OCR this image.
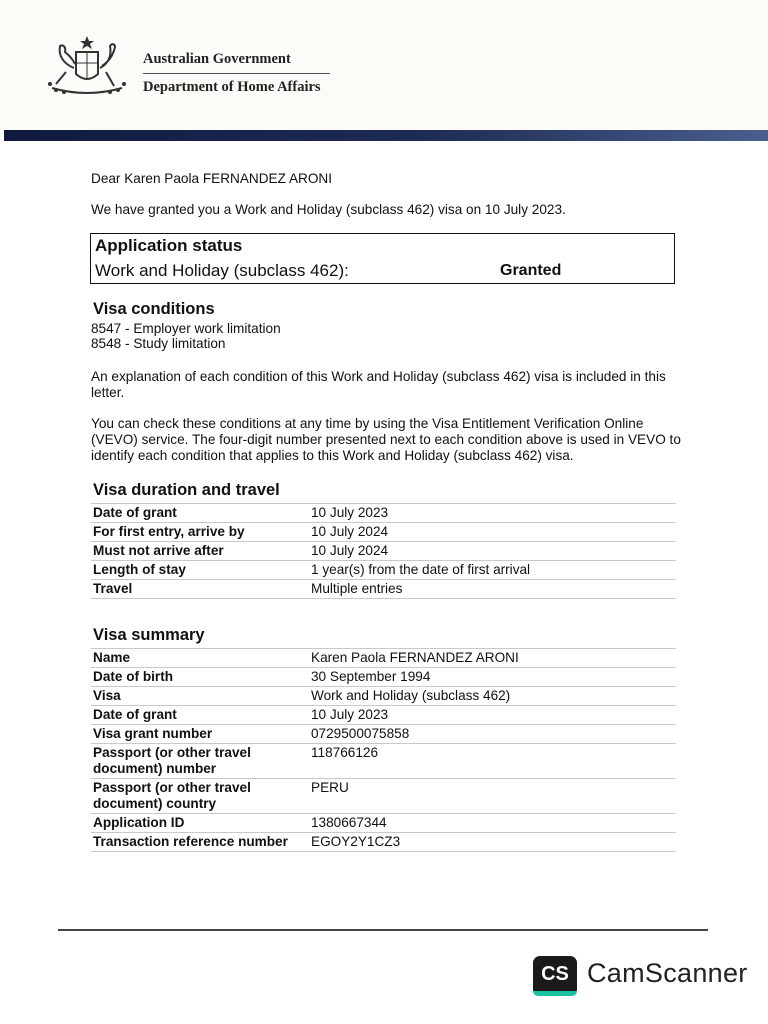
Australian Government
Department of Home Affairs
Dear Karen Paola FERNANDEZ ARONI
We have granted you a Work and Holiday (subclass 462) visa on 10 July 2023.
Application status
Work and Holiday (subclass 462):	Granted
Visa conditions
8547 - Employer work limitation
8548 - Study limitation
An explanation of each condition of this Work and Holiday (subclass 462) visa is included in this letter.
You can check these conditions at any time by using the Visa Entitlement Verification Online (VEVO) service. The four-digit number presented next to each condition above is used in VEVO to identify each condition that applies to this Work and Holiday (subclass 462) visa.
Visa duration and travel
Date of grant	10 July 2023
For first entry, arrive by	10 July 2024
Must not arrive after	10 July 2024
Length of stay	1 year(s) from the date of first arrival
Travel	Multiple entries
Visa summary
Name	Karen Paola FERNANDEZ ARONI
Date of birth	30 September 1994
Visa	Work and Holiday (subclass 462)
Date of grant	10 July 2023
Visa grant number	0729500075858
Passport (or other travel document) number	118766126
Passport (or other travel document) country	PERU
Application ID	1380667344
Transaction reference number	EGOY2Y1CZ3
CS CamScanner
